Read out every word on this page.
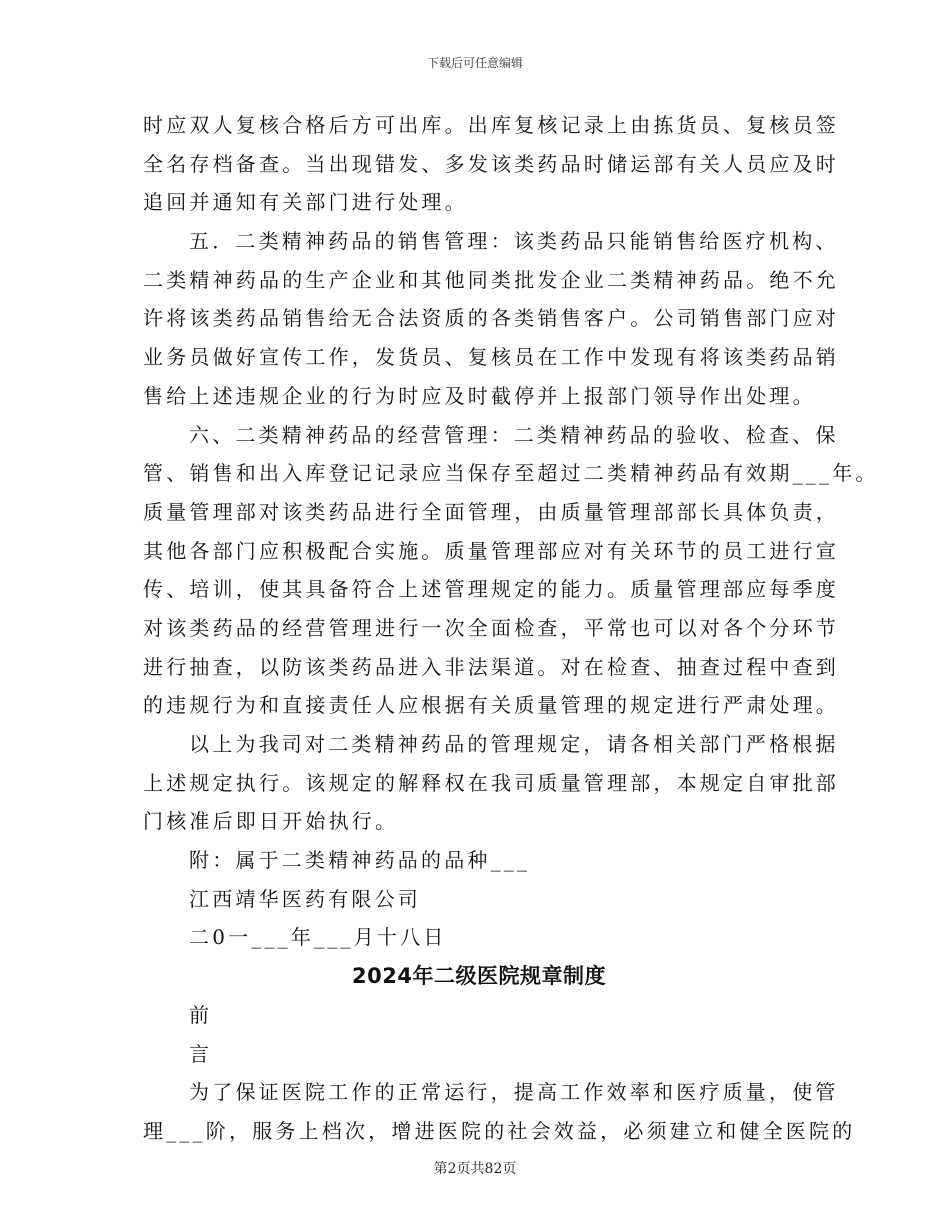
下载后可任意编辑
时应双人复核合格后方可出库。出库复核记录上由拣货员、复核员签
全名存档备查。当出现错发、多发该类药品时储运部有关人员应及时
追回并通知有关部门进行处理。
五．二类精神药品的销售管理：该类药品只能销售给医疗机构、
二类精神药品的生产企业和其他同类批发企业二类精神药品。绝不允
许将该类药品销售给无合法资质的各类销售客户。公司销售部门应对
业务员做好宣传工作，发货员、复核员在工作中发现有将该类药品销
售给上述违规企业的行为时应及时截停并上报部门领导作出处理。
六、二类精神药品的经营管理：二类精神药品的验收、检查、保
管、销售和出入库登记记录应当保存至超过二类精神药品有效期___年。
质量管理部对该类药品进行全面管理，由质量管理部部长具体负责，
其他各部门应积极配合实施。质量管理部应对有关环节的员工进行宣
传、培训，使其具备符合上述管理规定的能力。质量管理部应每季度
对该类药品的经营管理进行一次全面检查，平常也可以对各个分环节
进行抽查，以防该类药品进入非法渠道。对在检查、抽查过程中查到
的违规行为和直接责任人应根据有关质量管理的规定进行严肃处理。
以上为我司对二类精神药品的管理规定，请各相关部门严格根据
上述规定执行。该规定的解释权在我司质量管理部，本规定自审批部
门核准后即日开始执行。
附：属于二类精神药品的品种___
江西靖华医药有限公司
二0一___年___月十八日
2024年二级医院规章制度
前
言
为了保证医院工作的正常运行，提高工作效率和医疗质量，使管
理___阶，服务上档次，增进医院的社会效益，必须建立和健全医院的
第2页共82页
